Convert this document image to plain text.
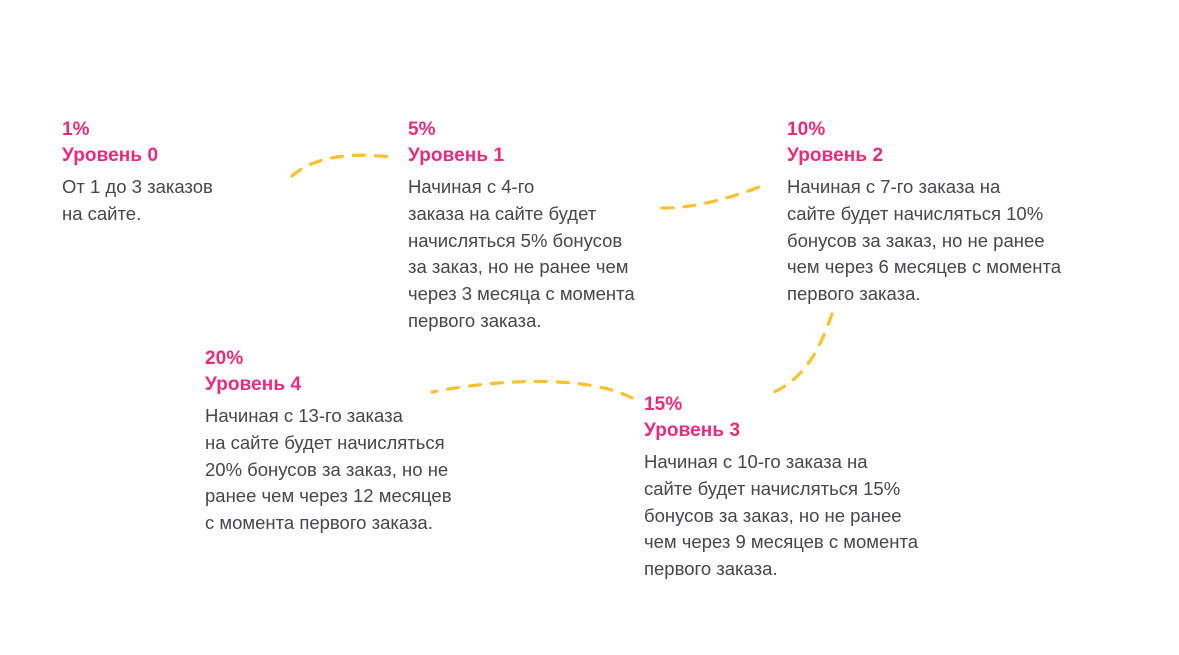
1%
Уровень 0
От 1 до 3 заказов
на сайте.
5%
Уровень 1
Начиная с 4-го
заказа на сайте будет
начисляться 5% бонусов
за заказ, но не ранее чем
через 3 месяца с момента
первого заказа.
10%
Уровень 2
Начиная с 7-го заказа на
сайте будет начисляться 10%
бонусов за заказ, но не ранее
чем через 6 месяцев с момента
первого заказа.
15%
Уровень 3
Начиная с 10-го заказа на
сайте будет начисляться 15%
бонусов за заказ, но не ранее
чем через 9 месяцев с момента
первого заказа.
20%
Уровень 4
Начиная с 13-го заказа
на сайте будет начисляться
20% бонусов за заказ, но не
ранее чем через 12 месяцев
с момента первого заказа.
